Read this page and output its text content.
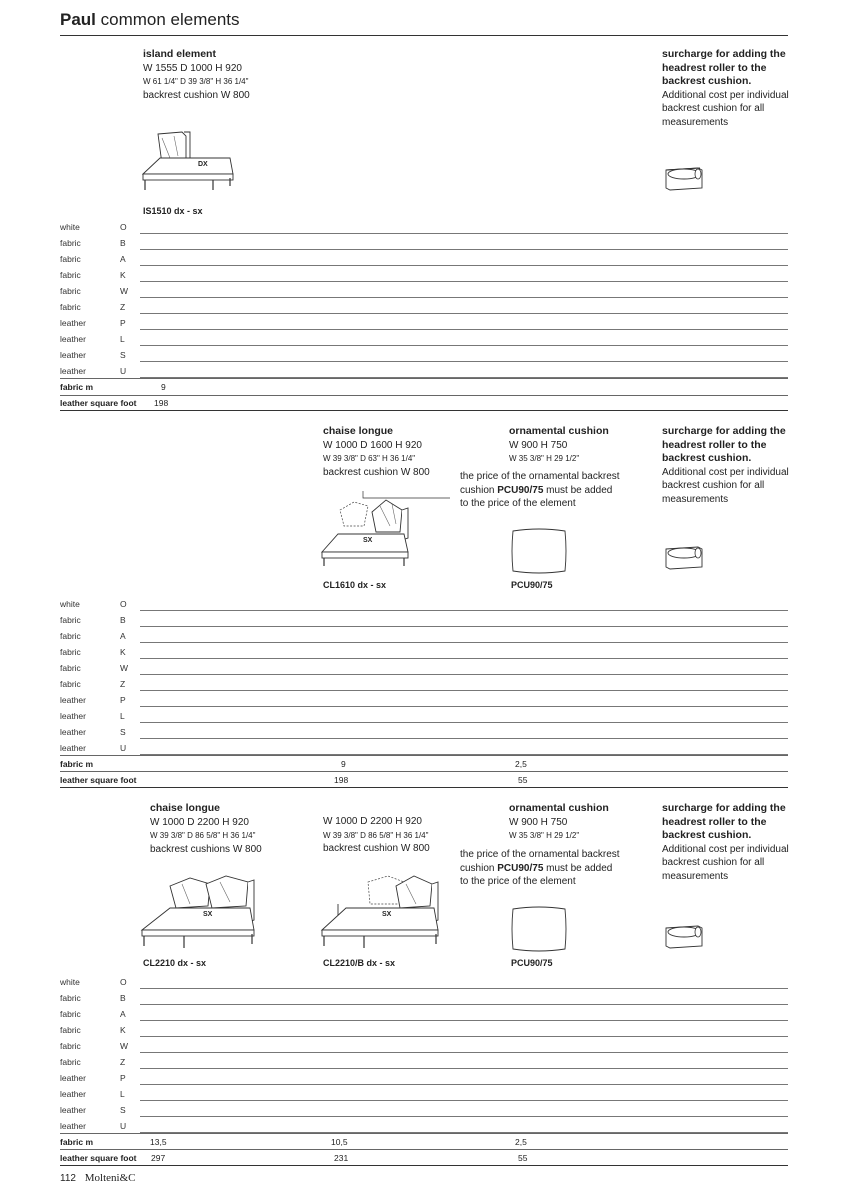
Paul common elements
island element
W 1555 D 1000 H 920
W 61 1/4" D 39 3/8" H 36 1/4"
backrest cushion W 800
surcharge for adding the
headrest roller to the
backrest cushion.
Additional cost per individual
backrest cushion for all
measurements
DX
IS1510 dx - sx
white	O
fabric	B
fabric	A
fabric	K
fabric	W
fabric	Z
leather	P
leather	L
leather	S
leather	U
fabric m	9
leather square foot 198
chaise longue
W 1000 D 1600 H 920
W 39 3/8" D 63" H 36 1/4"
backrest cushion W 800
ornamental cushion
W 900 H 750
W 35 3/8" H 29 1/2"
the price of the ornamental backrest
cushion PCU90/75 must be added
to the price of the element
surcharge for adding the
headrest roller to the
backrest cushion.
Additional cost per individual
backrest cushion for all
measurements
SX
CL1610 dx - sx	PCU90/75
white	O
fabric	B
fabric	A
fabric	K
fabric	W
fabric	Z
leather	P
leather	L
leather	S
leather	U
fabric m	9	2,5
leather square foot	198	55
chaise longue
W 1000 D 2200 H 920
W 39 3/8" D 86 5/8" H 36 1/4"
backrest cushions W 800
W 1000 D 2200 H 920
W 39 3/8" D 86 5/8" H 36 1/4"
backrest cushion W 800
ornamental cushion
W 900 H 750
W 35 3/8" H 29 1/2"
the price of the ornamental backrest
cushion PCU90/75 must be added
to the price of the element
surcharge for adding the
headrest roller to the
backrest cushion.
Additional cost per individual
backrest cushion for all
measurements
SX	SX
CL2210 dx - sx	CL2210/B dx - sx	PCU90/75
white	O
fabric	B
fabric	A
fabric	K
fabric	W
fabric	Z
leather	P
leather	L
leather	S
leather	U
fabric m	13,5	10,5	2,5
leather square foot 297	231	55
112 Molteni&C
